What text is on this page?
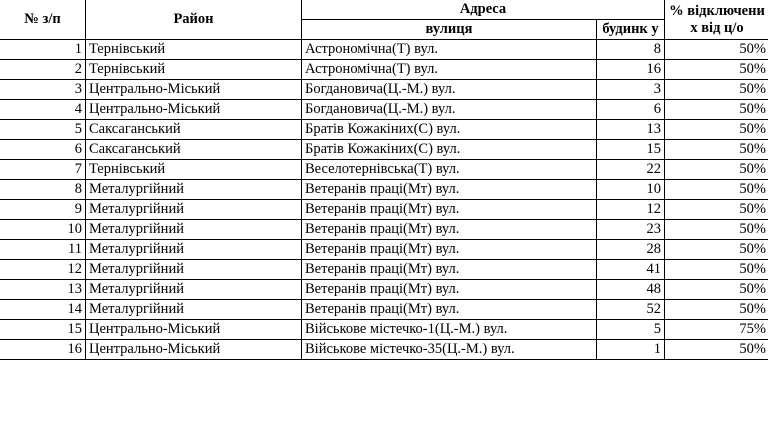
№ з/п	Район	Адреса		% відключени х від ц/о
		вулиця	будинк у	
1	Тернівський	Астрономічна(Т) вул.	8	50%
2	Тернівський	Астрономічна(Т) вул.	16	50%
3	Центрально-Міський	Богдановича(Ц.-М.) вул.	3	50%
4	Центрально-Міський	Богдановича(Ц.-М.) вул.	6	50%
5	Саксаганський	Братів Кожакіних(С) вул.	13	50%
6	Саксаганський	Братів Кожакіних(С) вул.	15	50%
7	Тернівський	Веселотернівська(Т) вул.	22	50%
8	Металургійний	Ветеранів праці(Мт) вул.	10	50%
9	Металургійний	Ветеранів праці(Мт) вул.	12	50%
10	Металургійний	Ветеранів праці(Мт) вул.	23	50%
11	Металургійний	Ветеранів праці(Мт) вул.	28	50%
12	Металургійний	Ветеранів праці(Мт) вул.	41	50%
13	Металургійний	Ветеранів праці(Мт) вул.	48	50%
14	Металургійний	Ветеранів праці(Мт) вул.	52	50%
15	Центрально-Міський	Військове містечко-1(Ц.-М.) вул.	5	75%
16	Центрально-Міський	Військове містечко-35(Ц.-М.) вул.	1	50%
